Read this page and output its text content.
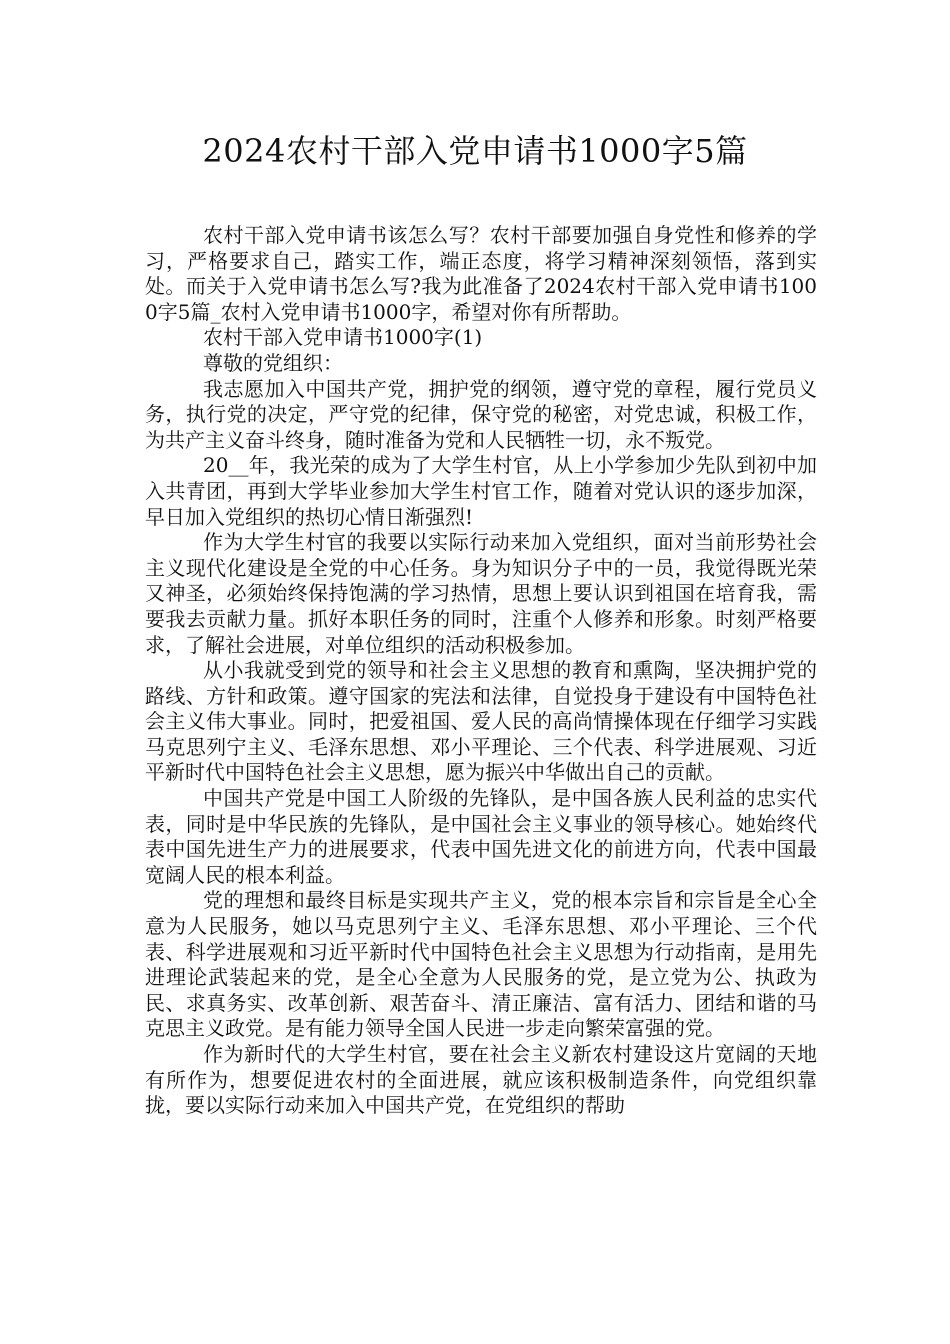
2024农村干部入党申请书1000字5篇

农村干部入党申请书该怎么写？农村干部要加强自身党性和修养的学习，严格要求自己，踏实工作，端正态度，将学习精神深刻领悟，落到实处。而关于入党申请书怎么写?我为此准备了2024农村干部入党申请书1000字5篇_农村入党申请书1000字，希望对你有所帮助。

农村干部入党申请书1000字(1)

尊敬的党组织：

我志愿加入中国共产党，拥护党的纲领，遵守党的章程，履行党员义务，执行党的决定，严守党的纪律，保守党的秘密，对党忠诚，积极工作，为共产主义奋斗终身，随时准备为党和人民牺牲一切，永不叛党。

20__年，我光荣的成为了大学生村官，从上小学参加少先队到初中加入共青团，再到大学毕业参加大学生村官工作，随着对党认识的逐步加深，早日加入党组织的热切心情日渐强烈!

作为大学生村官的我要以实际行动来加入党组织，面对当前形势社会主义现代化建设是全党的中心任务。身为知识分子中的一员，我觉得既光荣又神圣，必须始终保持饱满的学习热情，思想上要认识到祖国在培育我，需要我去贡献力量。抓好本职任务的同时，注重个人修养和形象。时刻严格要求，了解社会进展，对单位组织的活动积极参加。

从小我就受到党的领导和社会主义思想的教育和熏陶，坚决拥护党的路线、方针和政策。遵守国家的宪法和法律，自觉投身于建设有中国特色社会主义伟大事业。同时，把爱祖国、爱人民的高尚情操体现在仔细学习实践马克思列宁主义、毛泽东思想、邓小平理论、三个代表、科学进展观、习近平新时代中国特色社会主义思想，愿为振兴中华做出自己的贡献。

中国共产党是中国工人阶级的先锋队，是中国各族人民利益的忠实代表，同时是中华民族的先锋队，是中国社会主义事业的领导核心。她始终代表中国先进生产力的进展要求，代表中国先进文化的前进方向，代表中国最宽阔人民的根本利益。

党的理想和最终目标是实现共产主义，党的根本宗旨和宗旨是全心全意为人民服务，她以马克思列宁主义、毛泽东思想、邓小平理论、三个代表、科学进展观和习近平新时代中国特色社会主义思想为行动指南，是用先进理论武装起来的党，是全心全意为人民服务的党，是立党为公、执政为民、求真务实、改革创新、艰苦奋斗、清正廉洁、富有活力、团结和谐的马克思主义政党。是有能力领导全国人民进一步走向繁荣富强的党。

作为新时代的大学生村官，要在社会主义新农村建设这片宽阔的天地有所作为，想要促进农村的全面进展，就应该积极制造条件，向党组织靠拢，要以实际行动来加入中国共产党，在党组织的帮助
